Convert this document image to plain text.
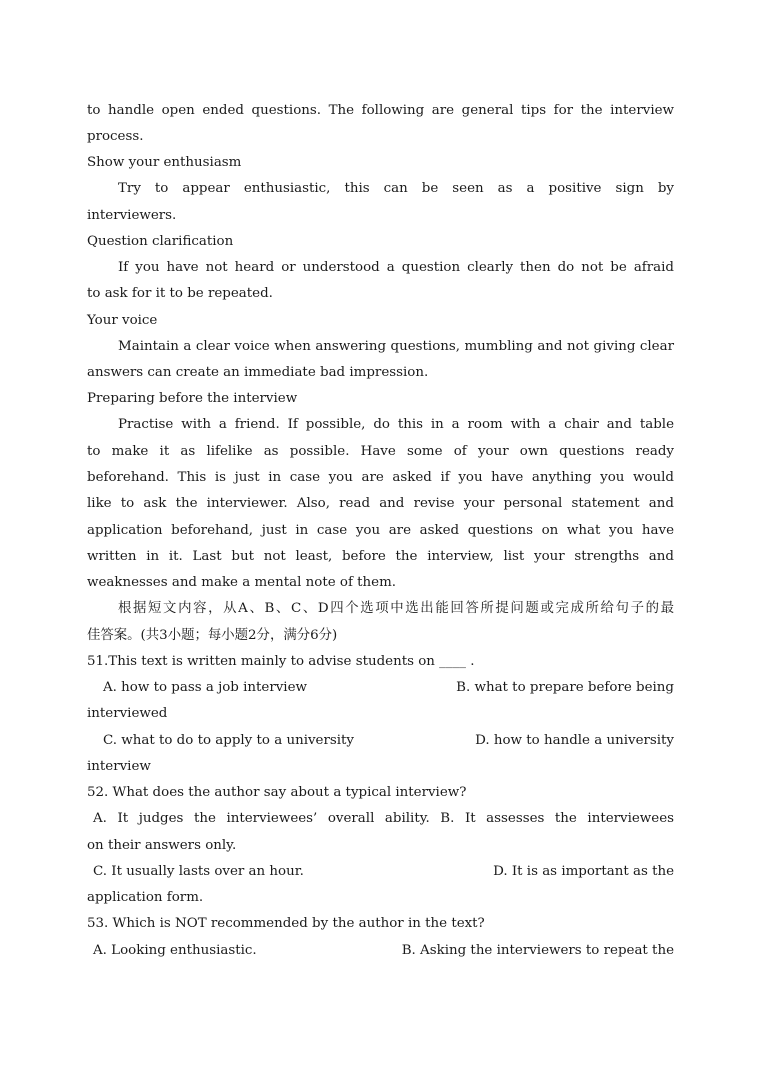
to handle open ended questions. The following are general tips for the interview
process.
Show your enthusiasm
Try to appear enthusiastic, this can be seen as a positive sign by
interviewers.
Question clarification
If you have not heard or understood a question clearly then do not be afraid
to ask for it to be repeated.
Your voice
Maintain a clear voice when answering questions, mumbling and not giving clear
answers can create an immediate bad impression.
Preparing before the interview
Practise with a friend. If possible, do this in a room with a chair and table
to make it as lifelike as possible. Have some of your own questions ready
beforehand. This is just in case you are asked if you have anything you would
like to ask the interviewer. Also, read and revise your personal statement and
application beforehand, just in case you are asked questions on what you have
written in it. Last but not least, before the interview, list your strengths and
weaknesses and make a mental note of them.
根据短文内容，从A、B、C、D四个选项中选出能回答所提问题或完成所给句子的最
佳答案。(共3小题；每小题2分，满分6分)
51.This text is written mainly to advise students on ____ .
A. how to pass a job interview	B. what to prepare before being
interviewed
C. what to do to apply to a university	D. how to handle a university
interview
52. What does the author say about a typical interview?
A. It judges the interviewees’ overall ability. B. It assesses the interviewees
on their answers only.
C. It usually lasts over an hour.	D. It is as important as the
application form.
53. Which is NOT recommended by the author in the text?
A. Looking enthusiastic.	B. Asking the interviewers to repeat the
